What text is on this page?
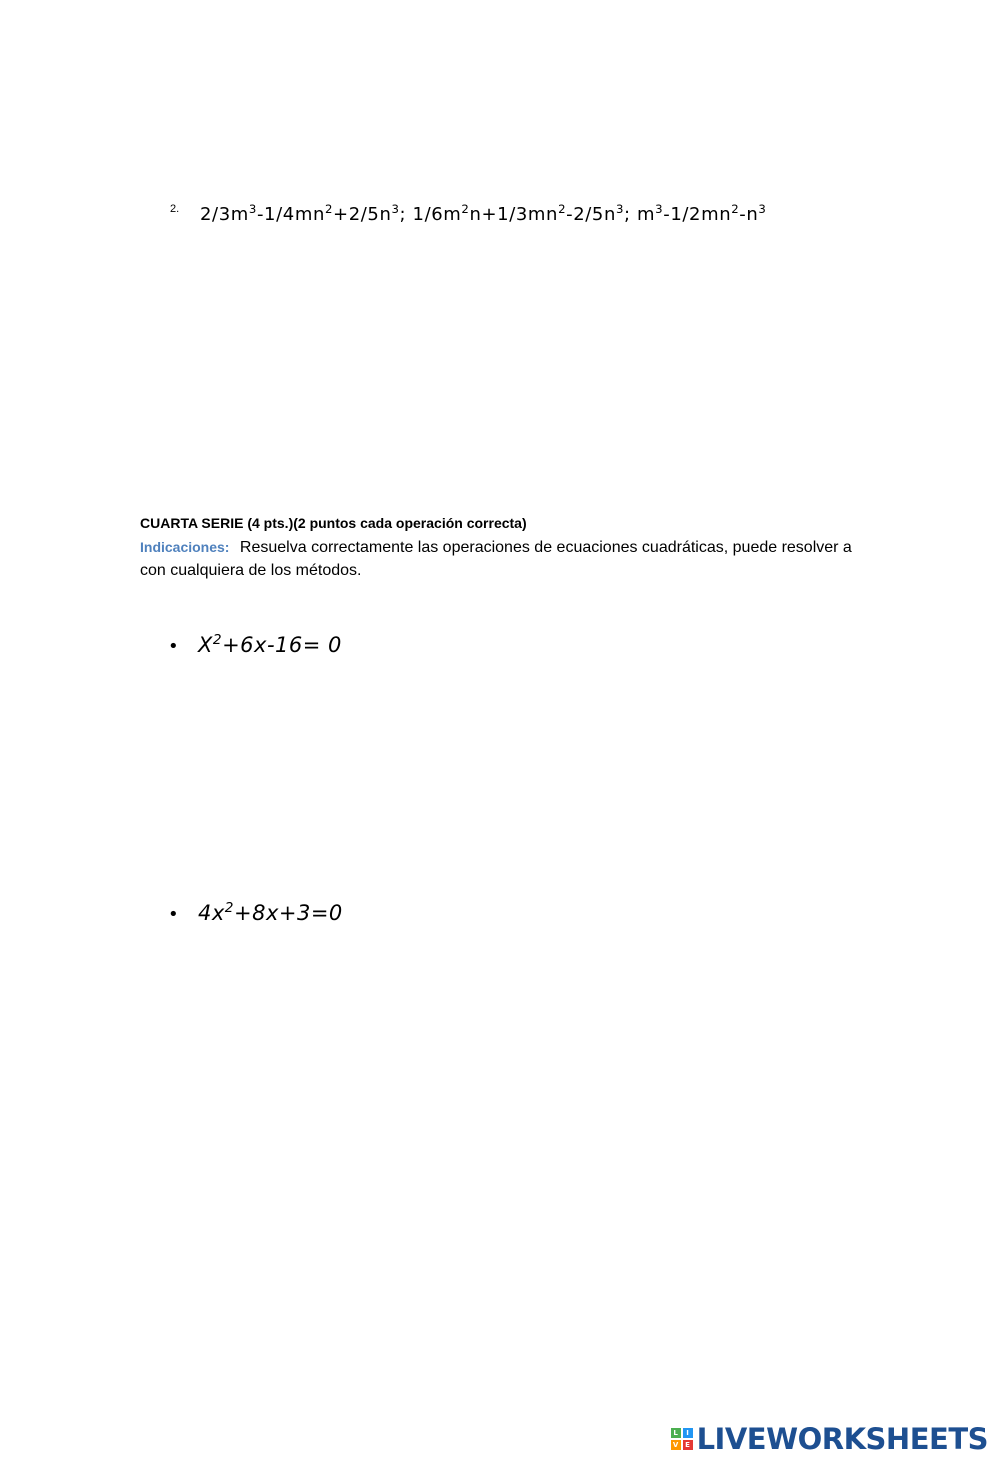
2.	$2/3m^3-1/4mn^2+2/5n^3$; $1/6m^2n+1/3mn^2-2/5n^3$; $m^3-1/2mn^2-n^3$
CUARTA SERIE (4 pts.)(2 puntos cada operación correcta)
Indicaciones: Resuelva correctamente las operaciones de ecuaciones cuadráticas, puede resolver a con cualquiera de los métodos.
• $X^2+6x-16= 0$
• $4x^2+8x+3=0$
L	I
V E LIVEWORKSHEETS
